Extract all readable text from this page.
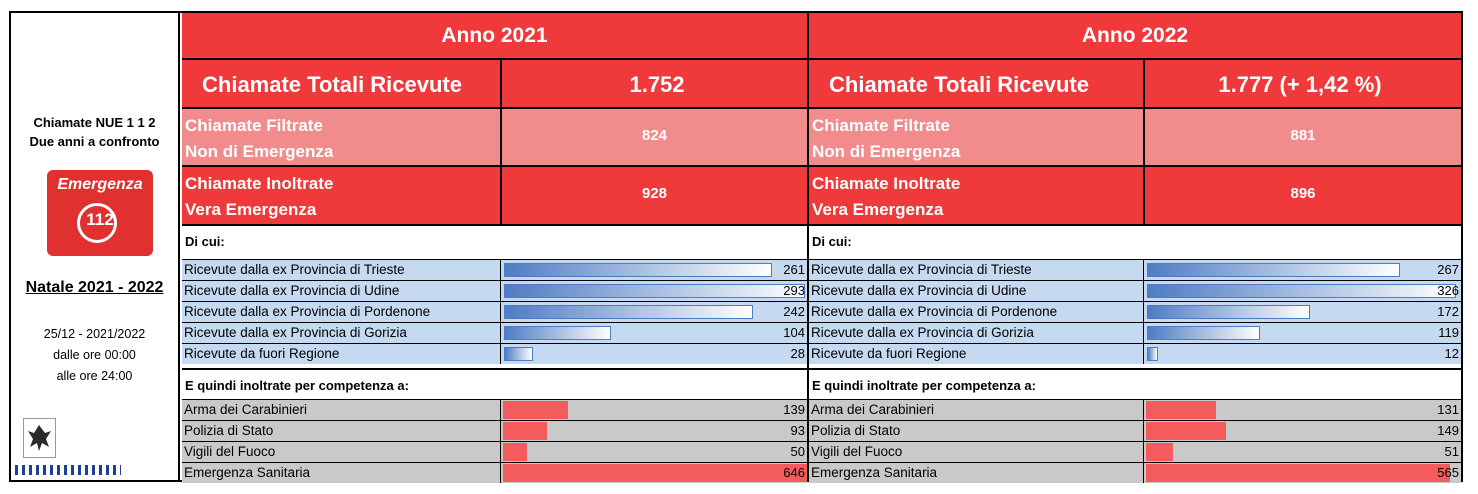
Chiamate NUE 1 1 2
Due anni a confronto
Emergenza
112
Natale 2021 - 2022
25/12 - 2021/2022
dalle ore 00:00
alle ore 24:00
Anno 2021
Chiamate Totali Ricevute	1.752
Chiamate Filtrate
Non di Emergenza
824
Chiamate Inoltrate
Vera Emergenza
928
Di cui:
E quindi inoltrate per competenza a:
Ricevute dalla ex Provincia di Trieste	261
Ricevute dalla ex Provincia di Udine	293
Ricevute dalla ex Provincia di Pordenone	242
Ricevute dalla ex Provincia di Gorizia	104
Ricevute da fuori Regione	28
Arma dei Carabinieri	139
Polizia di Stato	93
Vigili del Fuoco	50
Emergenza Sanitaria	646
Anno 2022
Chiamate Totali Ricevute	1.777 (+ 1,42 %)
Chiamate Filtrate
Non di Emergenza
881
Chiamate Inoltrate
Vera Emergenza
896
Di cui:
E quindi inoltrate per competenza a:
Ricevute dalla ex Provincia di Trieste	267
Ricevute dalla ex Provincia di Udine	326
Ricevute dalla ex Provincia di Pordenone	172
Ricevute dalla ex Provincia di Gorizia	119
Ricevute da fuori Regione	12
Arma dei Carabinieri	131
Polizia di Stato	149
Vigili del Fuoco	51
Emergenza Sanitaria	565
